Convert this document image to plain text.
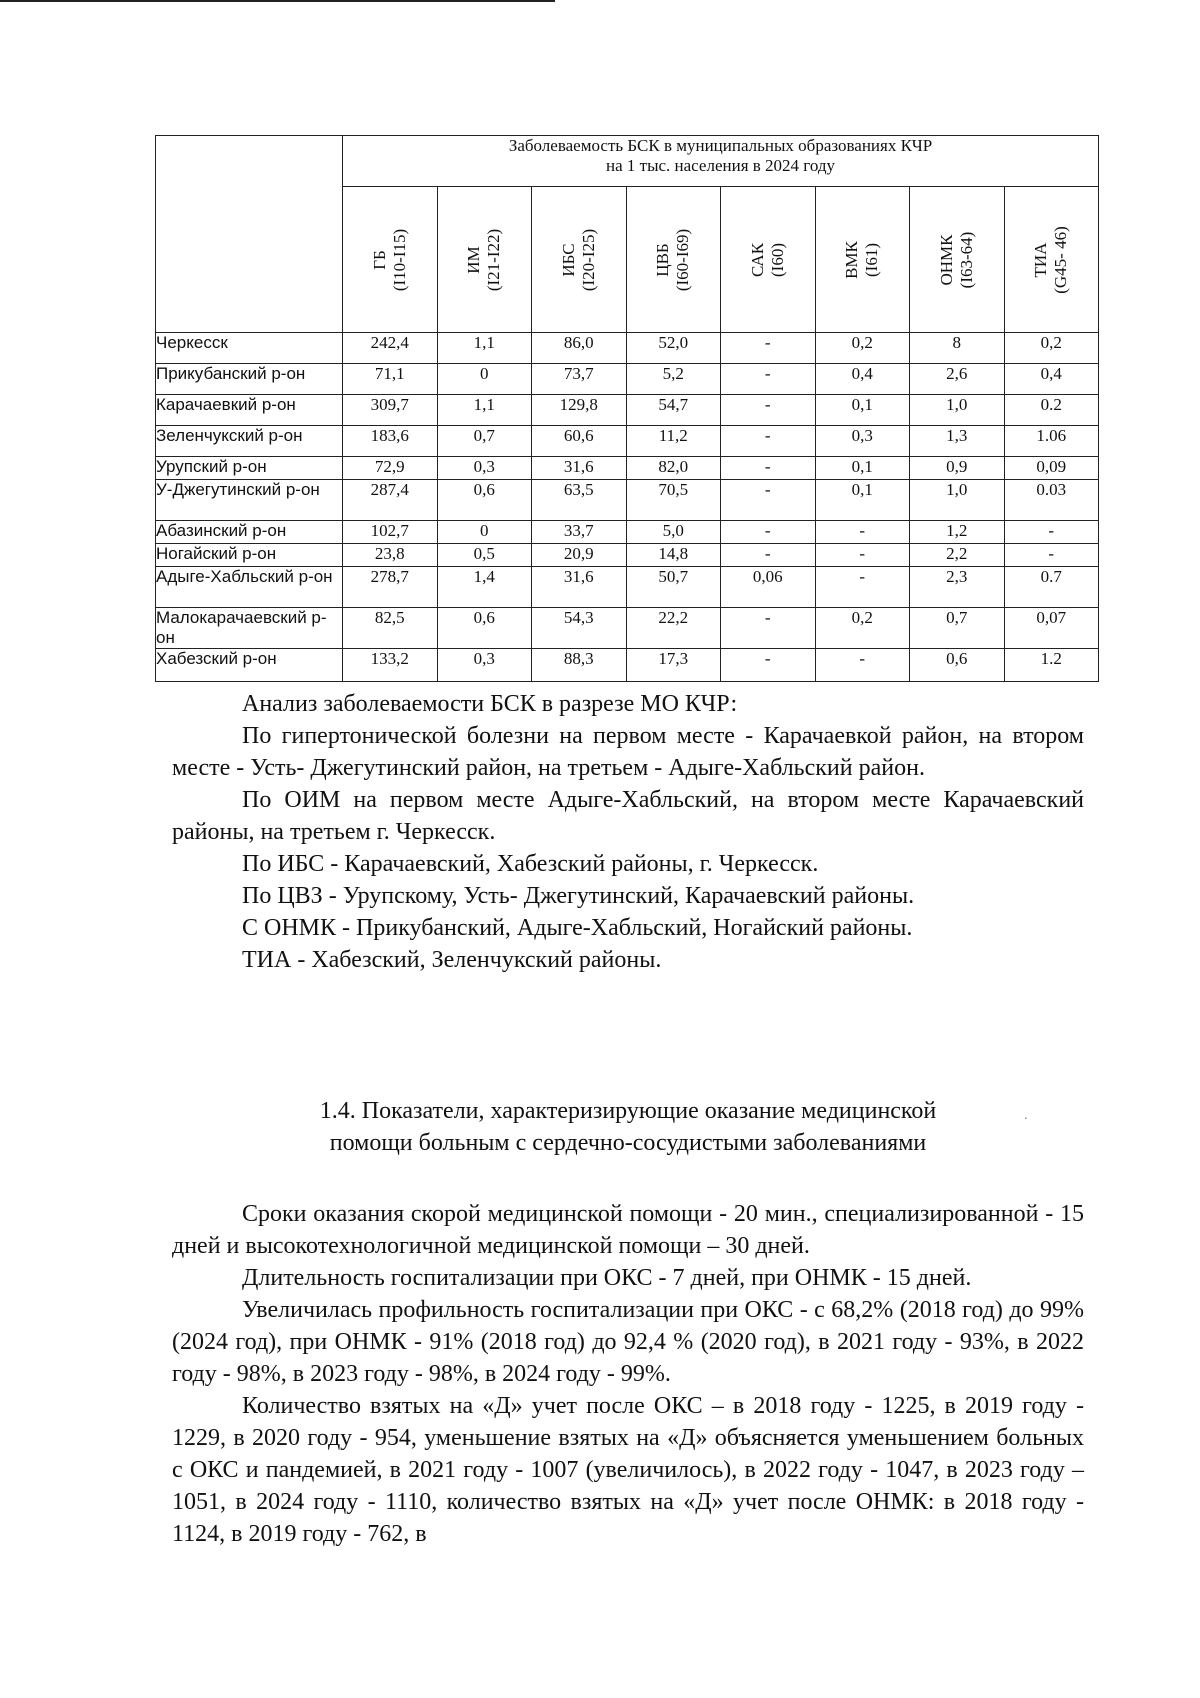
	Заболеваемость БСК в муниципальных образованиях КЧР
на 1 тыс. населения в 2024 году							

	ГБ (I10-I15)	ИМ (I21-I22)	ИБС (I20-I25)	ЦВБ (I60-I69)	САК (I60)	ВМК (I61)	ОНМК (I63-64)	ТИА (G45- 46)

Черкесск	242,4	1,1	86,0	52,0	-	0,2	8	0,2
Прикубанский р-он	71,1	0	73,7	5,2	-	0,4	2,6	0,4
Карачаевкий р-он	309,7	1,1	129,8	54,7	-	0,1	1,0	0.2
Зеленчукский р-он	183,6	0,7	60,6	11,2	-	0,3	1,3	1.06
Урупский р-он	72,9	0,3	31,6	82,0	-	0,1	0,9	0,09
У-Джегутинский р-он	287,4	0,6	63,5	70,5	-	0,1	1,0	0.03
Абазинский р-он	102,7	0	33,7	5,0	-	-	1,2	-
Ногайский р-он	23,8	0,5	20,9	14,8	-	-	2,2	-
Адыге-Хабльский р-он	278,7	1,4	31,6	50,7	0,06	-	2,3	0.7
Малокарачаевский р-он	82,5	0,6	54,3	22,2	-	0,2	0,7	0,07
Хабезский р-он	133,2	0,3	88,3	17,3	-	-	0,6	1.2

Анализ заболеваемости БСК в разрезе МО КЧР:

По гипертонической болезни на первом месте - Карачаевкой район, на втором месте - Усть- Джегутинский район, на третьем - Адыге-Хабльский район.

По ОИМ на первом месте Адыге-Хабльский, на втором месте Карачаевский районы, на третьем г. Черкесск.

По ИБС - Карачаевский, Хабезский районы, г. Черкесск.

По ЦВЗ - Урупскому, Усть- Джегутинский, Карачаевский районы.

С ОНМК - Прикубанский, Адыге-Хабльский, Ногайский районы.

ТИА - Хабезский, Зеленчукский районы.

1.4. Показатели, характеризирующие оказание медицинской
помощи больным с сердечно-сосудистыми заболеваниями
.

Сроки оказания скорой медицинской помощи - 20 мин., специализированной - 15 дней и высокотехнологичной медицинской помощи – 30 дней.

Длительность госпитализации при ОКС - 7 дней, при ОНМК - 15 дней.

Увеличилась профильность госпитализации при ОКС - с 68,2% (2018 год) до 99% (2024 год), при ОНМК - 91% (2018 год) до 92,4 % (2020 год), в 2021 году - 93%, в 2022 году - 98%, в 2023 году - 98%, в 2024 году - 99%.

Количество взятых на «Д» учет после ОКС – в 2018 году - 1225, в 2019 году - 1229, в 2020 году - 954, уменьшение взятых на «Д» объясняется уменьшением больных с ОКС и пандемией, в 2021 году - 1007 (увеличилось), в 2022 году - 1047, в 2023 году – 1051, в 2024 году - 1110, количество взятых на «Д» учет после ОНМК: в 2018 году - 1124, в 2019 году - 762, в
